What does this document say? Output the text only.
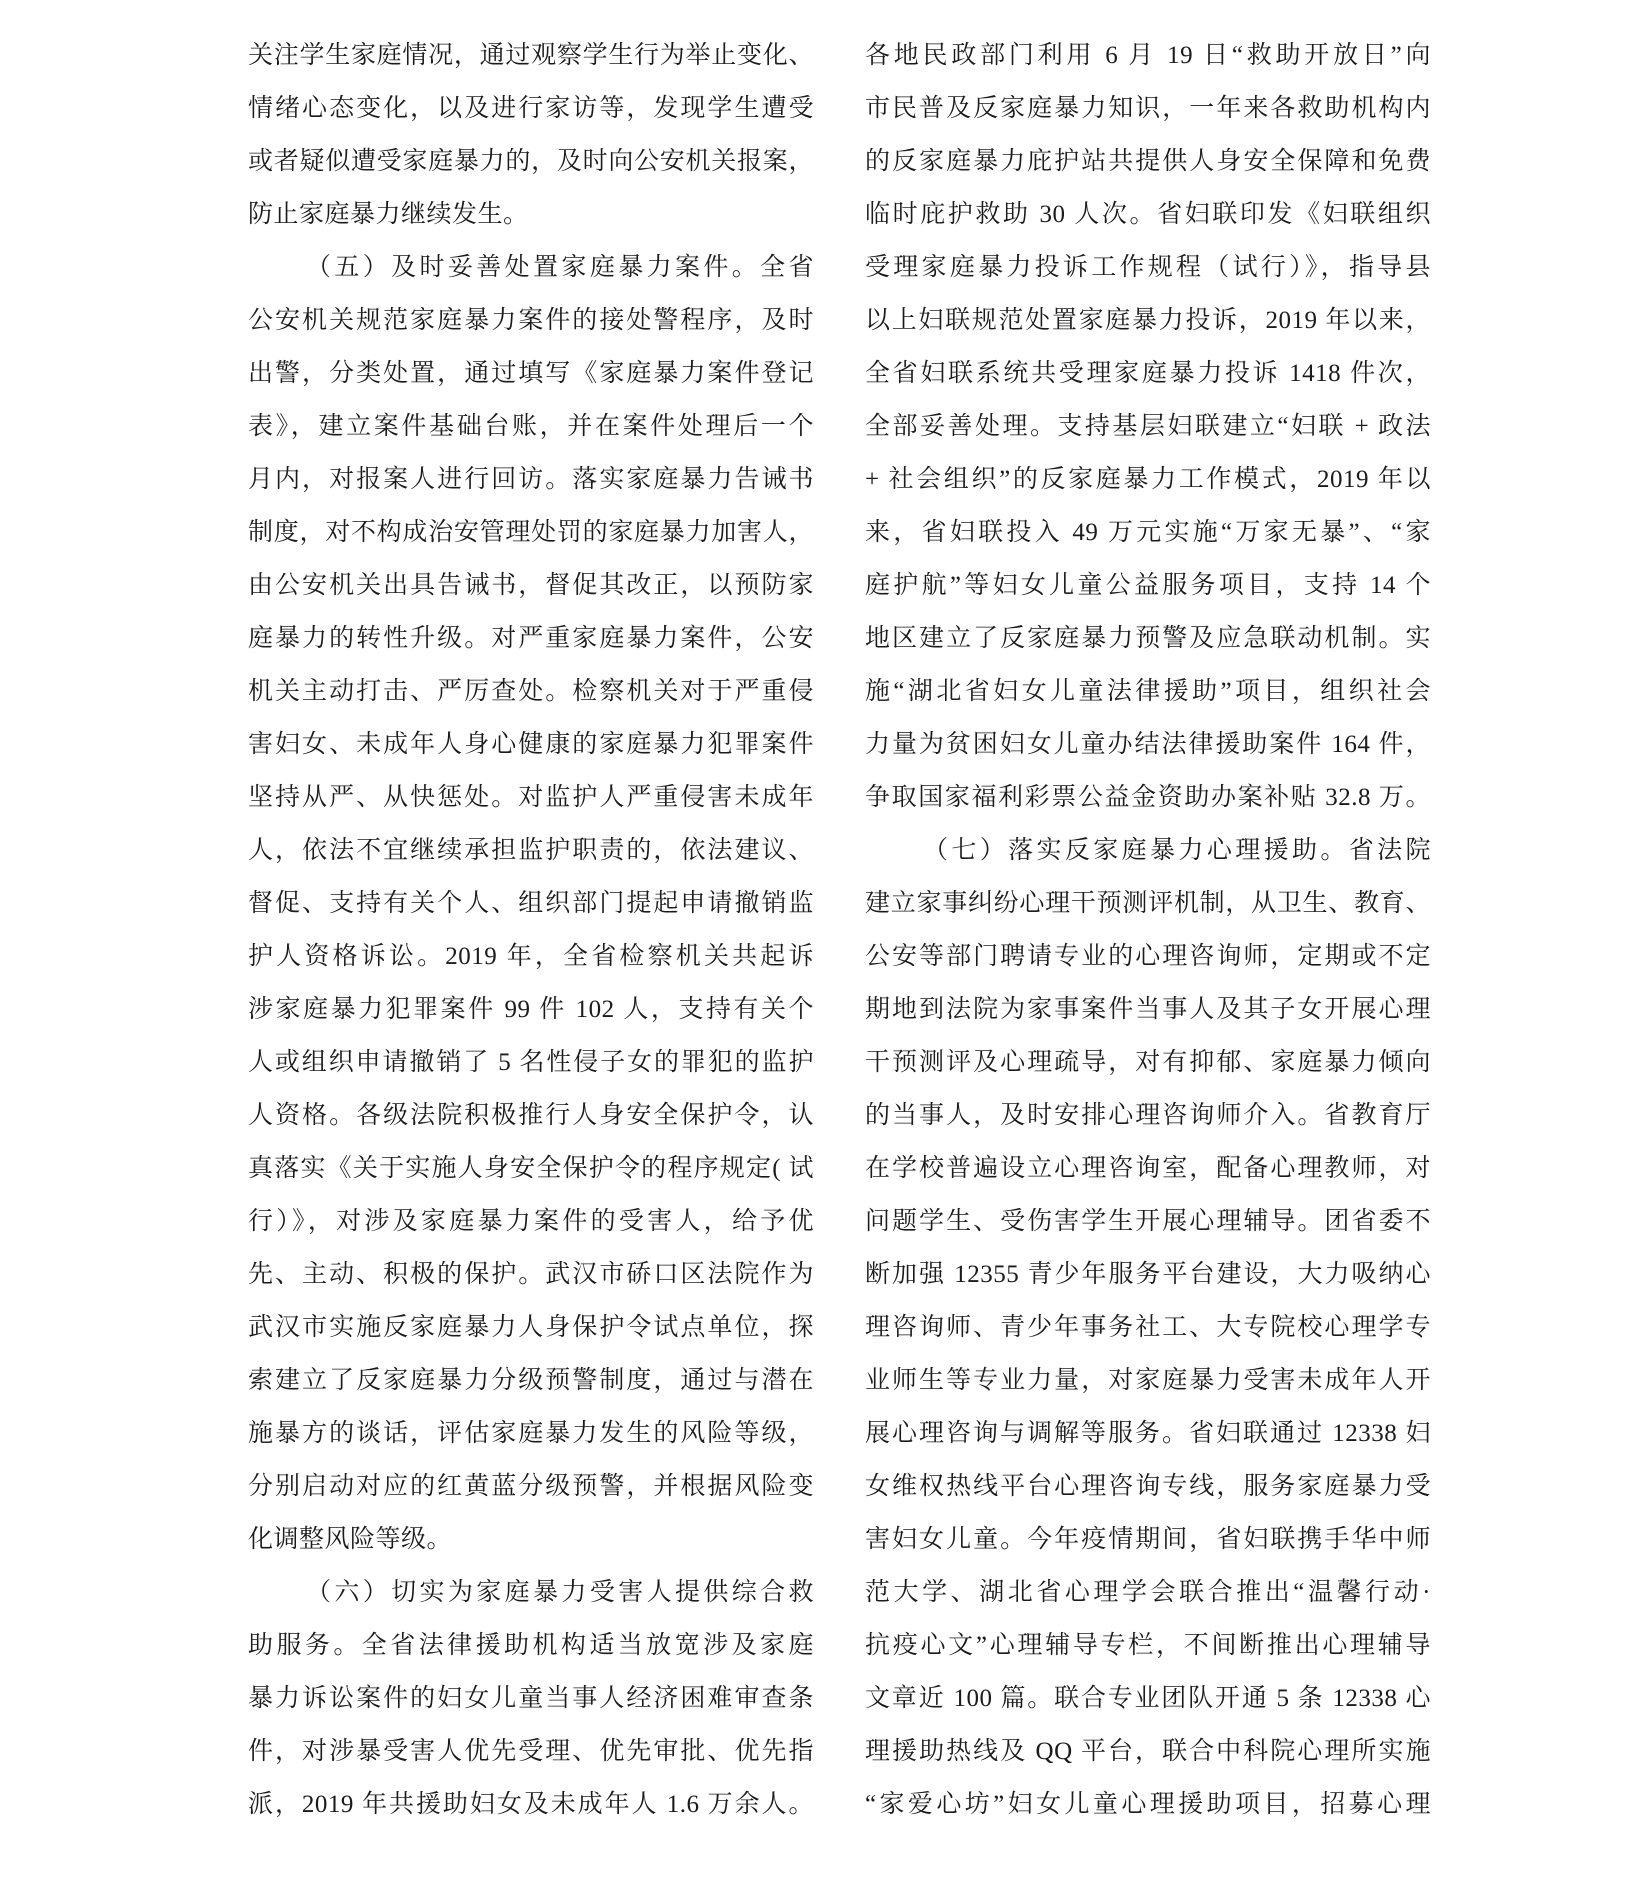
关注学生家庭情况，通过观察学生行为举止变化、
情绪心态变化，以及进行家访等，发现学生遭受
或者疑似遭受家庭暴力的，及时向公安机关报案，
防止家庭暴力继续发生。
（五）及时妥善处置家庭暴力案件。全省
公安机关规范家庭暴力案件的接处警程序，及时
出警，分类处置，通过填写《家庭暴力案件登记
表》，建立案件基础台账，并在案件处理后一个
月内，对报案人进行回访。落实家庭暴力告诫书
制度，对不构成治安管理处罚的家庭暴力加害人，
由公安机关出具告诫书，督促其改正，以预防家
庭暴力的转性升级。对严重家庭暴力案件，公安
机关主动打击、严厉查处。检察机关对于严重侵
害妇女、未成年人身心健康的家庭暴力犯罪案件
坚持从严、从快惩处。对监护人严重侵害未成年
人，依法不宜继续承担监护职责的，依法建议、
督促、支持有关个人、组织部门提起申请撤销监
护人资格诉讼。2019 年，全省检察机关共起诉
涉家庭暴力犯罪案件 99 件 102 人，支持有关个
人或组织申请撤销了 5 名性侵子女的罪犯的监护
人资格。各级法院积极推行人身安全保护令，认
真落实《关于实施人身安全保护令的程序规定( 试
行）》，对涉及家庭暴力案件的受害人，给予优
先、主动、积极的保护。武汉市硚口区法院作为
武汉市实施反家庭暴力人身保护令试点单位，探
索建立了反家庭暴力分级预警制度，通过与潜在
施暴方的谈话，评估家庭暴力发生的风险等级，
分别启动对应的红黄蓝分级预警，并根据风险变
化调整风险等级。
（六）切实为家庭暴力受害人提供综合救
助服务。全省法律援助机构适当放宽涉及家庭
暴力诉讼案件的妇女儿童当事人经济困难审查条
件，对涉暴受害人优先受理、优先审批、优先指
派，2019 年共援助妇女及未成年人 1.6 万余人。
各地民政部门利用 6 月 19 日“救助开放日”向
市民普及反家庭暴力知识，一年来各救助机构内
的反家庭暴力庇护站共提供人身安全保障和免费
临时庇护救助 30 人次。省妇联印发《妇联组织
受理家庭暴力投诉工作规程（试行）》，指导县
以上妇联规范处置家庭暴力投诉，2019 年以来，
全省妇联系统共受理家庭暴力投诉 1418 件次，
全部妥善处理。支持基层妇联建立“妇联 + 政法
+ 社会组织”的反家庭暴力工作模式，2019 年以
来，省妇联投入 49 万元实施“万家无暴”、“家
庭护航”等妇女儿童公益服务项目，支持 14 个
地区建立了反家庭暴力预警及应急联动机制。实
施“湖北省妇女儿童法律援助”项目，组织社会
力量为贫困妇女儿童办结法律援助案件 164 件，
争取国家福利彩票公益金资助办案补贴 32.8 万。
（七）落实反家庭暴力心理援助。省法院
建立家事纠纷心理干预测评机制，从卫生、教育、
公安等部门聘请专业的心理咨询师，定期或不定
期地到法院为家事案件当事人及其子女开展心理
干预测评及心理疏导，对有抑郁、家庭暴力倾向
的当事人，及时安排心理咨询师介入。省教育厅
在学校普遍设立心理咨询室，配备心理教师，对
问题学生、受伤害学生开展心理辅导。团省委不
断加强 12355 青少年服务平台建设，大力吸纳心
理咨询师、青少年事务社工、大专院校心理学专
业师生等专业力量，对家庭暴力受害未成年人开
展心理咨询与调解等服务。省妇联通过 12338 妇
女维权热线平台心理咨询专线，服务家庭暴力受
害妇女儿童。今年疫情期间，省妇联携手华中师
范大学、湖北省心理学会联合推出“温馨行动·
抗疫心文”心理辅导专栏，不间断推出心理辅导
文章近 100 篇。联合专业团队开通 5 条 12338 心
理援助热线及 QQ 平台，联合中科院心理所实施
“家爱心坊”妇女儿童心理援助项目，招募心理
